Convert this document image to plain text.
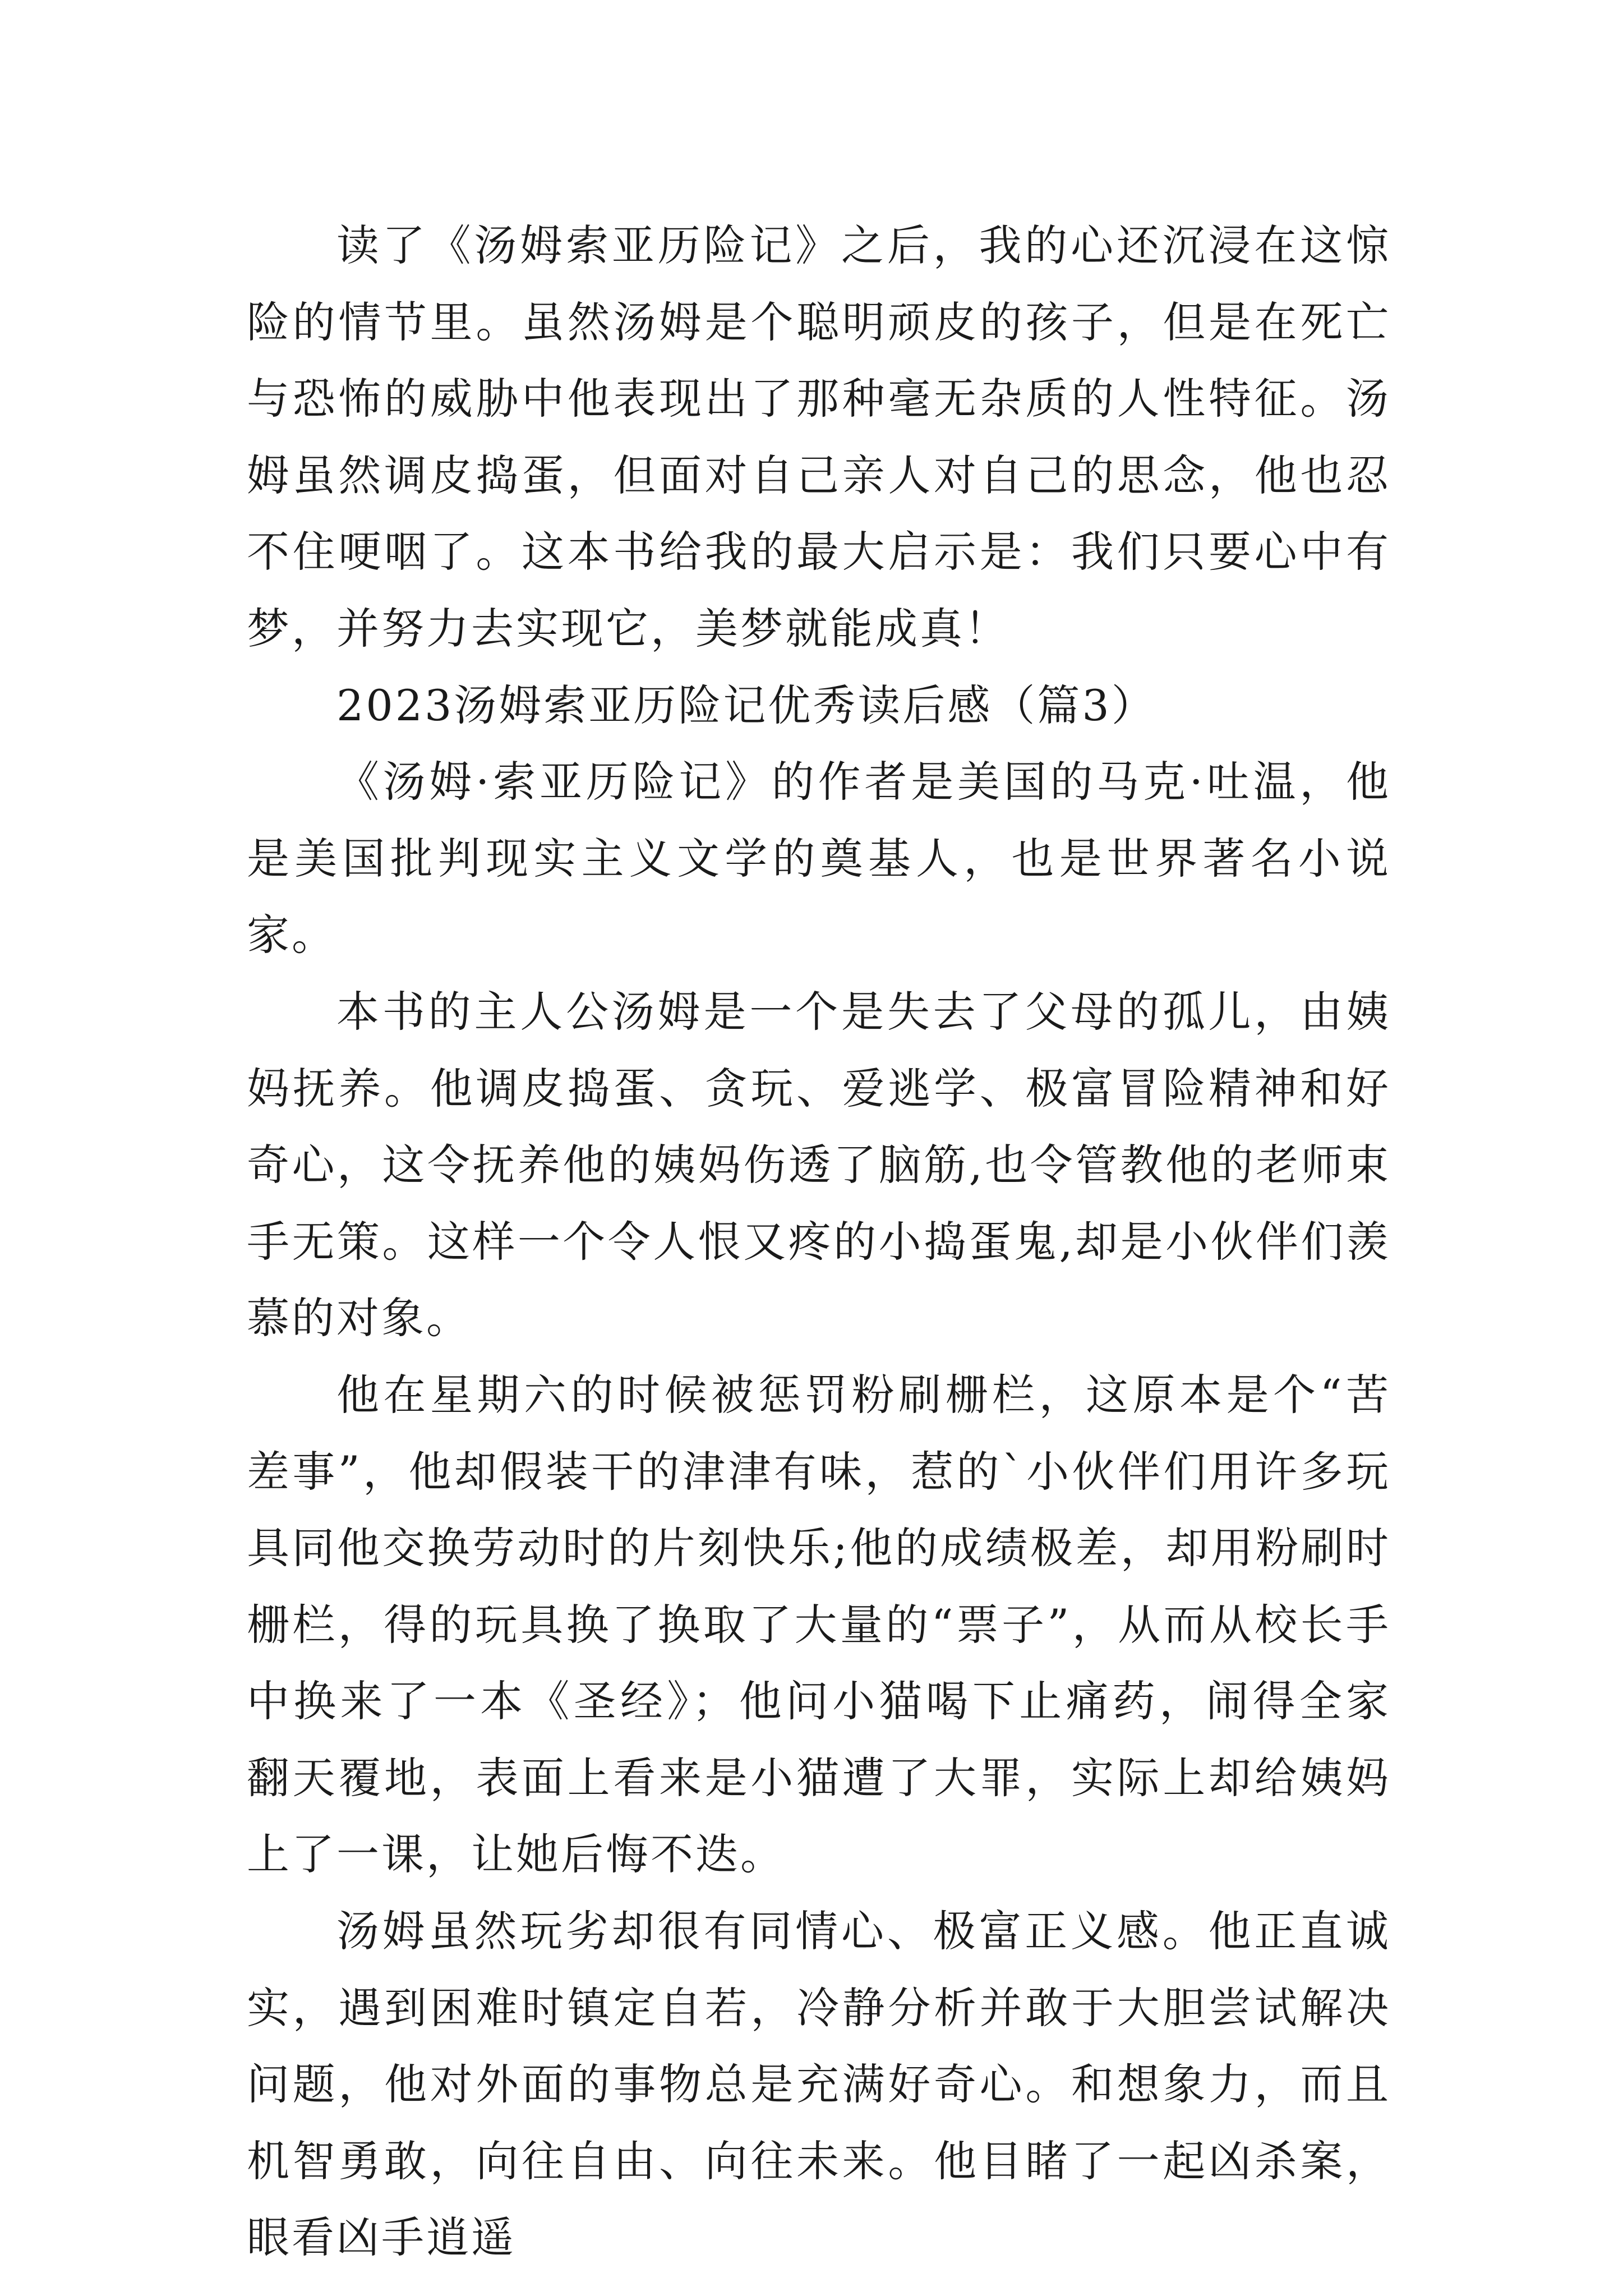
读了《汤姆索亚历险记》之后，我的心还沉浸在这惊险的情节里。虽然汤姆是个聪明顽皮的孩子，但是在死亡与恐怖的威胁中他表现出了那种毫无杂质的人性特征。汤姆虽然调皮捣蛋，但面对自己亲人对自己的思念，他也忍不住哽咽了。这本书给我的最大启示是：我们只要心中有梦，并努力去实现它，美梦就能成真！

2023汤姆索亚历险记优秀读后感（篇3）

《汤姆·索亚历险记》的作者是美国的马克·吐温，他是美国批判现实主义文学的奠基人，也是世界著名小说家。

本书的主人公汤姆是一个是失去了父母的孤儿，由姨妈抚养。他调皮捣蛋、贪玩、爱逃学、极富冒险精神和好奇心，这令抚养他的姨妈伤透了脑筋,也令管教他的老师束手无策。这样一个令人恨又疼的小捣蛋鬼,却是小伙伴们羡慕的对象。

他在星期六的时候被惩罚粉刷栅栏，这原本是个“苦差事”，他却假装干的津津有味，惹的`小伙伴们用许多玩具同他交换劳动时的片刻快乐;他的成绩极差，却用粉刷时栅栏，得的玩具换了换取了大量的“票子”，从而从校长手中换来了一本《圣经》；他问小猫喝下止痛药，闹得全家翻天覆地，表面上看来是小猫遭了大罪，实际上却给姨妈上了一课，让她后悔不迭。

汤姆虽然玩劣却很有同情心、极富正义感。他正直诚实，遇到困难时镇定自若，冷静分析并敢于大胆尝试解决问题，他对外面的事物总是充满好奇心。和想象力，而且机智勇敢，向往自由、向往未来。他目睹了一起凶杀案，眼看凶手逍遥
